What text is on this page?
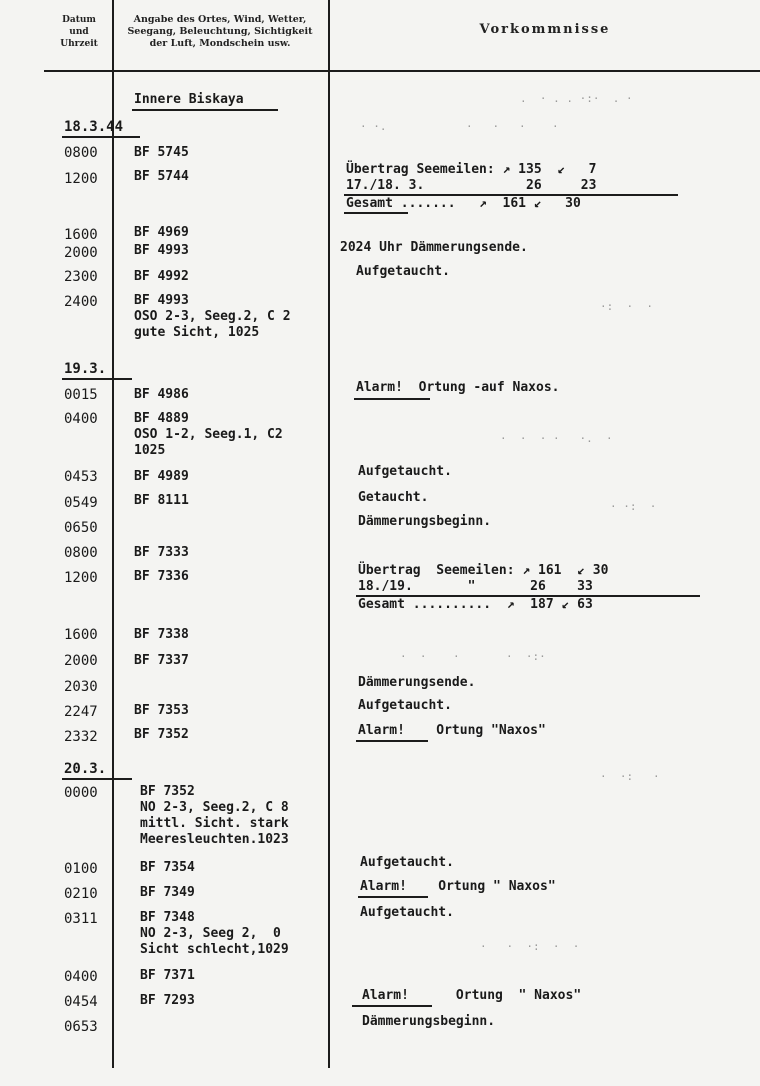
Datum
und
Uhrzeit
Angabe des Ortes, Wind, Wetter,
Seegang, Beleuchtung, Sichtigkeit
der Luft, Mondschein usw.
Vorkommnisse
Innere Biskaya
18.3.44
19.3.
20.3.
0800
1200
1600
2000
2300
2400
0015
0400
0453
0549
0650
0800
1200
1600
2000
2030
2247
2332
0000
0100
0210
0311
0400
0454
0653
BF 5745
BF 5744
BF 4969
BF 4993
BF 4992
BF 4993
OSO 2-3, Seeg.2, C 2
gute Sicht, 1025
BF 4986
BF 4889
OSO 1-2, Seeg.1, C2
1025
BF 4989
BF 8111
BF 7333
BF 7336
BF 7338
BF 7337
BF 7353
BF 7352
BF 7352
NO 2-3, Seeg.2, C 8
mittl. Sicht. stark
Meeresleuchten.1023
BF 7354
BF 7349
BF 7348
NO 2-3, Seeg 2,  0
Sicht schlecht,1029
BF 7371
BF 7293
Übertrag Seemeilen: ↗ 135  ↙   7
17./18. 3.             26     23
Gesamt .......   ↗  161 ↙   30
2024 Uhr Dämmerungsende.
Aufgetaucht.
Alarm!  Ortung -auf Naxos.
Aufgetaucht.
Getaucht.
Dämmerungsbeginn.
Übertrag  Seemeilen: ↗ 161  ↙ 30
18./19.       "       26    33
Gesamt ..........  ↗  187 ↙ 63
Dämmerungsende.
Aufgetaucht.
Alarm!    Ortung "Naxos"
Aufgetaucht.
Alarm!    Ortung " Naxos"
Aufgetaucht.
Alarm!      Ortung  " Naxos"
Dämmerungsbeginn.
.  · . . ·:·  . ·
· ·.            ·   ·   ·    ·
·:  ·  ·
·  ·  · ·   ·.  ·
· ·:  ·
·  ·    ·       ·  ·:·
·  ·:   ·
·   ·  ·:  ·  ·
